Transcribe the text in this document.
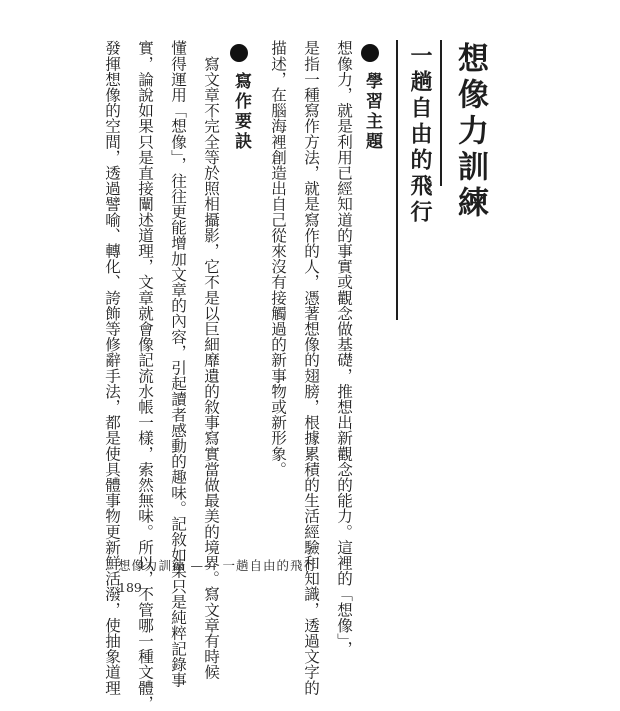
想像力訓練
一趟自由的飛行
學習主題
想像力，就是利用已經知道的事實或觀念做基礎，推想出新觀念的能力。這裡的「想像」，
是指一種寫作方法，就是寫作的人，憑著想像的翅膀，根據累積的生活經驗和知識，透過文字的
描述，在腦海裡創造出自己從來沒有接觸過的新事物或新形象。
寫作要訣
　寫文章不完全等於照相攝影，它不是以巨細靡遺的敘事寫實當做最美的境界。寫文章有時候
懂得運用「想像」，往往更能增加文章的內容，引起讀者感動的趣味。記敘如果只是純粹記錄事
實，論說如果只是直接闡述道理，文章就會像記流水帳一樣，索然無味。所以，不管哪一種文體，
發揮想像的空間，透過譬喻、轉化、誇飾等修辭手法，都是使具體事物更新鮮活潑，使抽象道理
想像力訓練 —— 一趟自由的飛行
189
